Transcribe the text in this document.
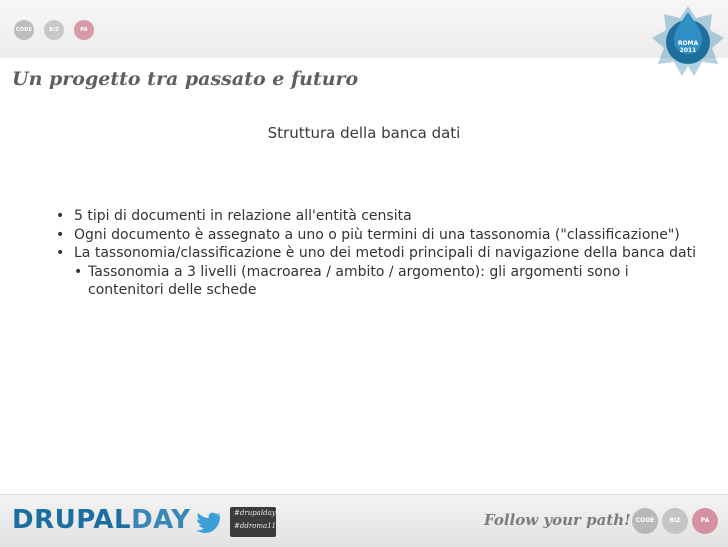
CODE	BIZ	PA
ROMA
2011
Un progetto tra passato e futuro
Struttura della banca dati
• 5 tipi di documenti in relazione all'entità censita
• Ogni documento è assegnato a uno o più termini di una tassonomia ("classificazione")
• La tassonomia/classificazione è uno dei metodi principali di navigazione della banca dati
• Tassonomia a 3 livelli (macroarea / ambito / argomento): gli argomenti sono i contenitori delle schede
DRUPALDAY	#drupalday
#ddroma11	Follow your path! CODE	BIZ	PA
